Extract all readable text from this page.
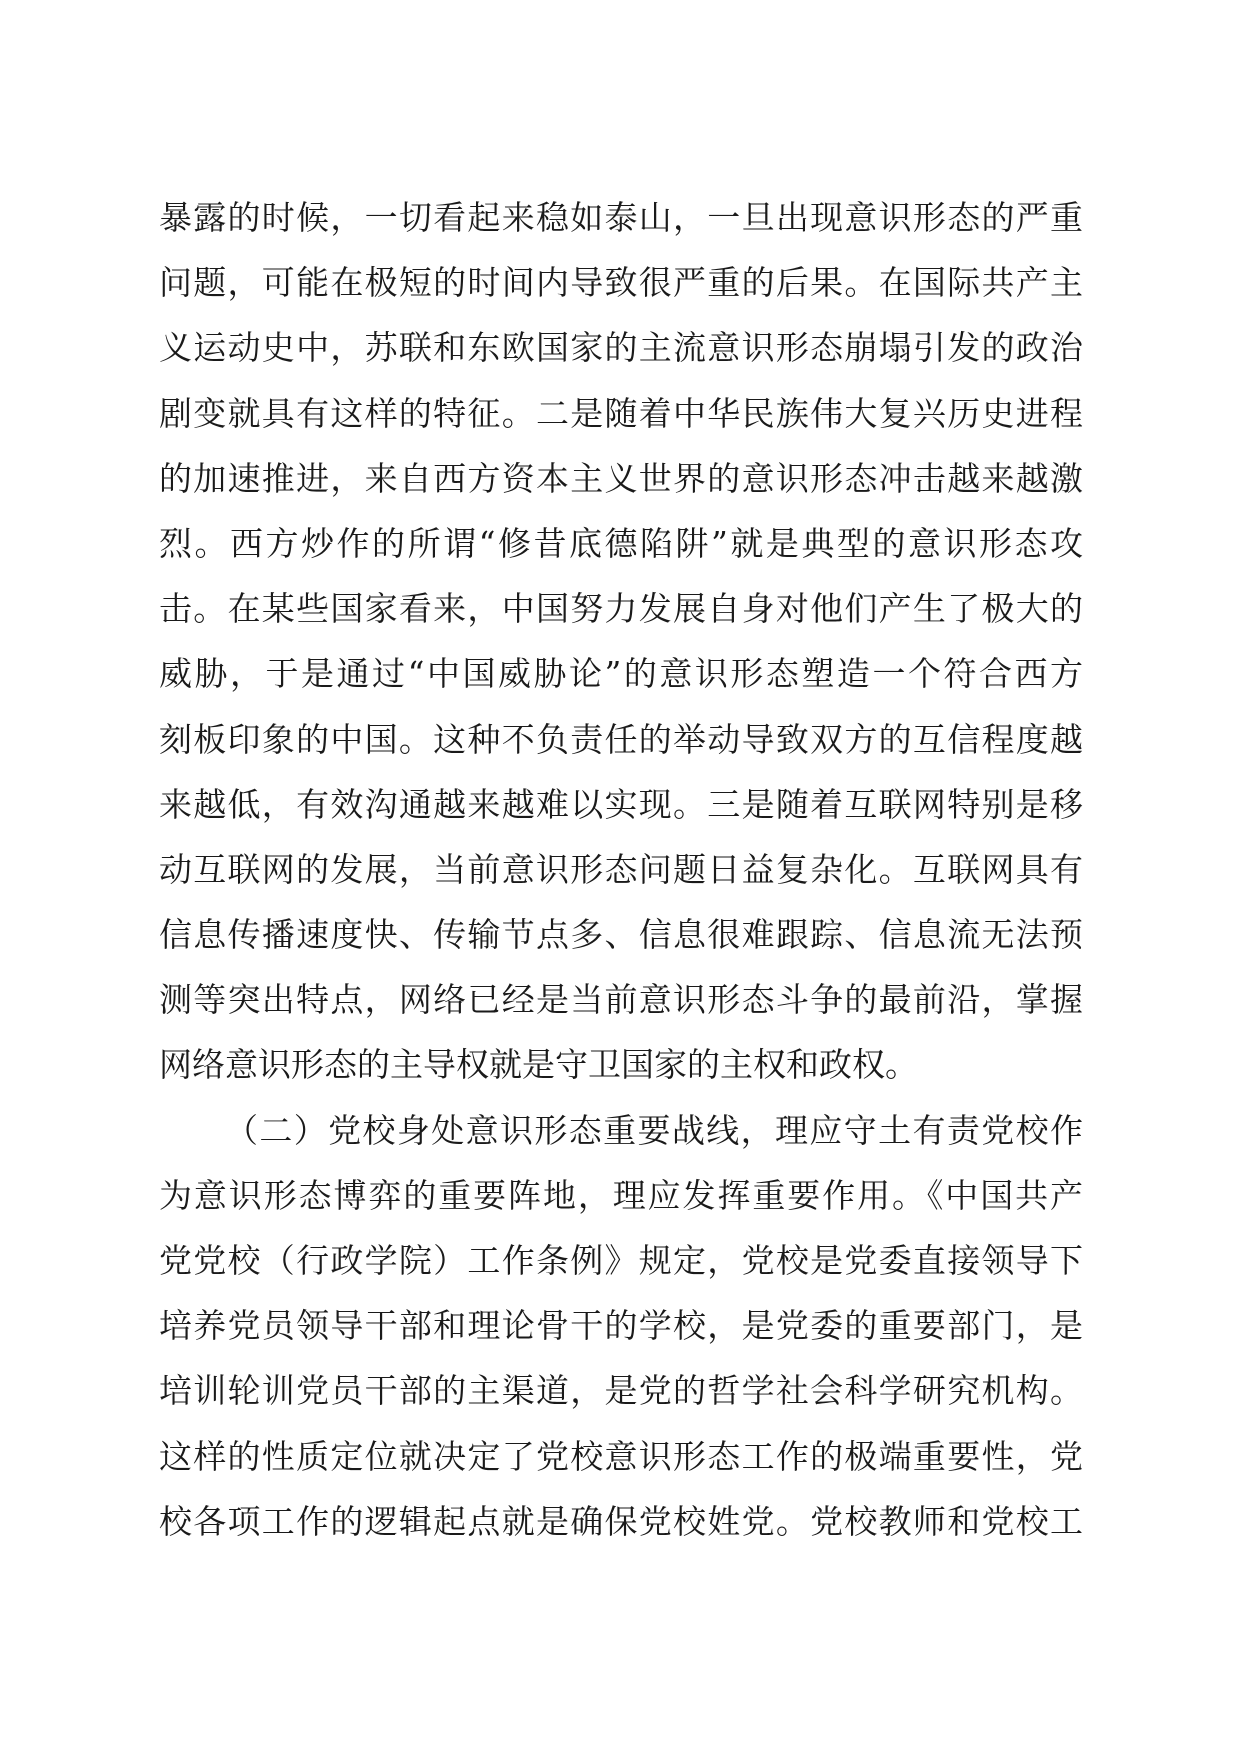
暴露的时候，一切看起来稳如泰山，一旦出现意识形态的严重
问题，可能在极短的时间内导致很严重的后果。在国际共产主
义运动史中，苏联和东欧国家的主流意识形态崩塌引发的政治
剧变就具有这样的特征。二是随着中华民族伟大复兴历史进程
的加速推进，来自西方资本主义世界的意识形态冲击越来越激
烈。西方炒作的所谓“修昔底德陷阱”就是典型的意识形态攻
击。在某些国家看来，中国努力发展自身对他们产生了极大的
威胁，于是通过“中国威胁论”的意识形态塑造一个符合西方
刻板印象的中国。这种不负责任的举动导致双方的互信程度越
来越低，有效沟通越来越难以实现。三是随着互联网特别是移
动互联网的发展，当前意识形态问题日益复杂化。互联网具有
信息传播速度快、传输节点多、信息很难跟踪、信息流无法预
测等突出特点，网络已经是当前意识形态斗争的最前沿，掌握
网络意识形态的主导权就是守卫国家的主权和政权。
（二）党校身处意识形态重要战线，理应守土有责党校作
为意识形态博弈的重要阵地，理应发挥重要作用。《中国共产
党党校（行政学院）工作条例》规定，党校是党委直接领导下
培养党员领导干部和理论骨干的学校，是党委的重要部门，是
培训轮训党员干部的主渠道，是党的哲学社会科学研究机构。
这样的性质定位就决定了党校意识形态工作的极端重要性，党
校各项工作的逻辑起点就是确保党校姓党。党校教师和党校工
